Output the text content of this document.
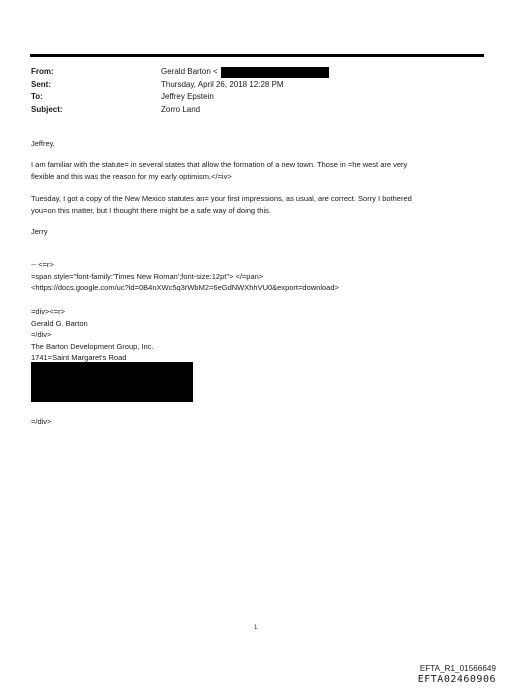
From:	Gerald Barton <
Sent:	Thursday, April 26, 2018 12:28 PM
To:	Jeffrey Epstein
Subject:	Zorro Land
Jeffrey,
I am familiar with the statute= in several states that allow the formation of a new town. Those in =he west are very
flexible and this was the reason for my early optimism.</=iv>
Tuesday, I got a copy of the New Mexico statutes an= your first impressions, as usual, are correct. Sorry I bothered
you=on this matter, but I thought there might be a safe way of doing this.
Jerry
-- <=r>
=span style="font-family:'Times New Roman';font-size:12pt"> </=pan>
<https://docs.google.com/uc?id=0B4nXWc5q3rWbM2=6eGdNWXhhVU0&export=download>
=div><=r>
Gerald G. Barton
=/div>
The Barton Development Group, Inc.
1741=Saint Margaret's Road
=/div>
1
EFTA_R1_01566649
EFTA02460906
